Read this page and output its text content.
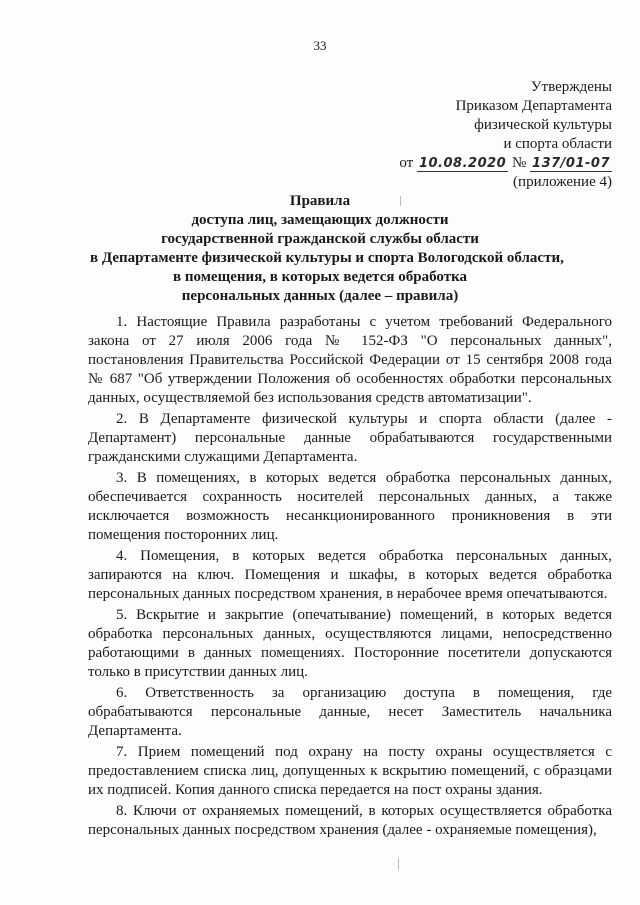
33
Утверждены
Приказом Департамента
физической культуры
и спорта области
от 10.08.2020 № 137/01-07
(приложение 4)
Правила
доступа лиц, замещающих должности
государственной гражданской службы области
в Департаменте физической культуры и спорта Вологодской области,
в помещения, в которых ведется обработка
персональных данных (далее – правила)

1. Настоящие Правила разработаны с учетом требований Федерального закона от 27 июля 2006 года № 152-ФЗ "О персональных данных", постановления Правительства Российской Федерации от 15 сентября 2008 года № 687 "Об утверждении Положения об особенностях обработки персональных данных, осуществляемой без использования средств автоматизации".

2. В Департаменте физической культуры и спорта области (далее - Департамент) персональные данные обрабатываются государственными гражданскими служащими Департамента.

3. В помещениях, в которых ведется обработка персональных данных, обеспечивается сохранность носителей персональных данных, а также исключается возможность несанкционированного проникновения в эти помещения посторонних лиц.

4. Помещения, в которых ведется обработка персональных данных, запираются на ключ. Помещения и шкафы, в которых ведется обработка персональных данных посредством хранения, в нерабочее время опечатываются.

5. Вскрытие и закрытие (опечатывание) помещений, в которых ведется обработка персональных данных, осуществляются лицами, непосредственно работающими в данных помещениях. Посторонние посетители допускаются только в присутствии данных лиц.

6. Ответственность за организацию доступа в помещения, где обрабатываются персональные данные, несет Заместитель начальника Департамента.

7. Прием помещений под охрану на посту охраны осуществляется с предоставлением списка лиц, допущенных к вскрытию помещений, с образцами их подписей. Копия данного списка передается на пост охраны здания.

8. Ключи от охраняемых помещений, в которых осуществляется обработка персональных данных посредством хранения (далее - охраняемые помещения),
